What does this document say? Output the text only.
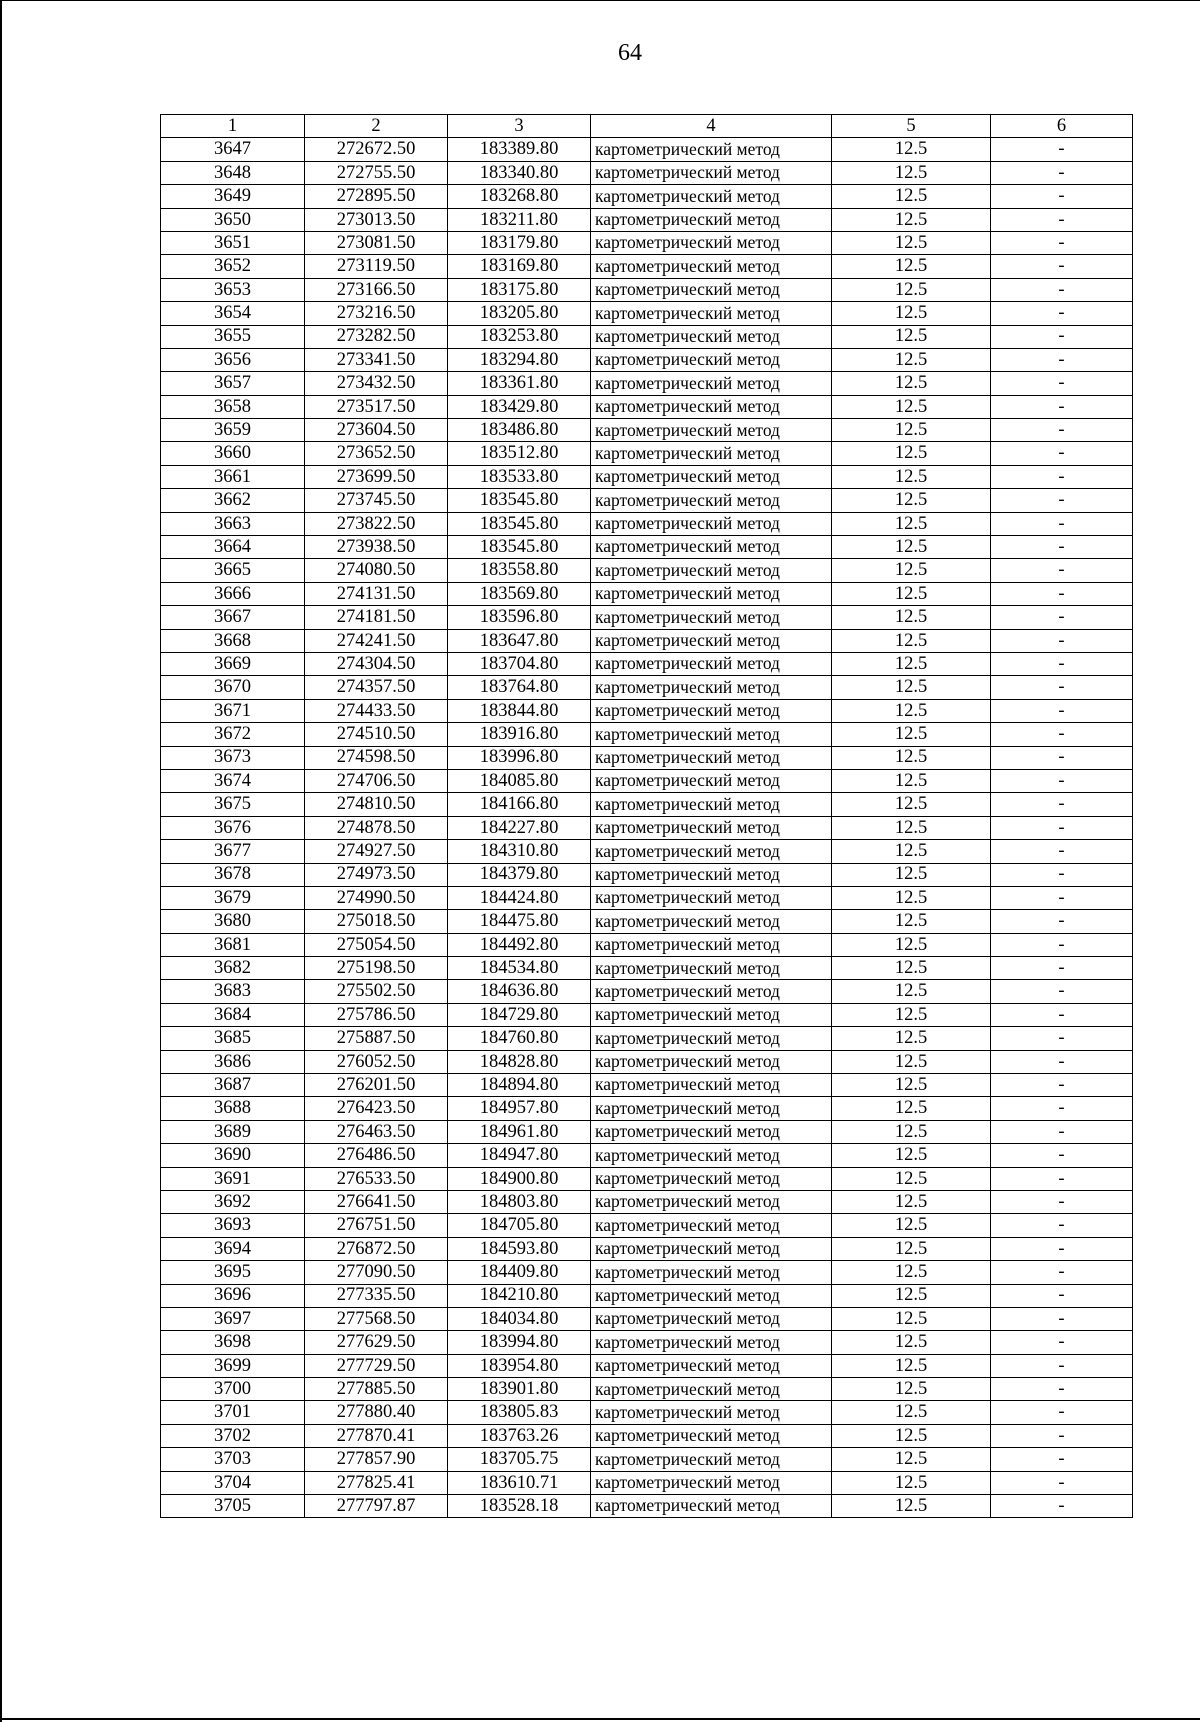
64
1	2	3	4	5	6
3647	272672.50	183389.80	картометрический метод	12.5	-
3648	272755.50	183340.80	картометрический метод	12.5	-
3649	272895.50	183268.80	картометрический метод	12.5	-
3650	273013.50	183211.80	картометрический метод	12.5	-
3651	273081.50	183179.80	картометрический метод	12.5	-
3652	273119.50	183169.80	картометрический метод	12.5	-
3653	273166.50	183175.80	картометрический метод	12.5	-
3654	273216.50	183205.80	картометрический метод	12.5	-
3655	273282.50	183253.80	картометрический метод	12.5	-
3656	273341.50	183294.80	картометрический метод	12.5	-
3657	273432.50	183361.80	картометрический метод	12.5	-
3658	273517.50	183429.80	картометрический метод	12.5	-
3659	273604.50	183486.80	картометрический метод	12.5	-
3660	273652.50	183512.80	картометрический метод	12.5	-
3661	273699.50	183533.80	картометрический метод	12.5	-
3662	273745.50	183545.80	картометрический метод	12.5	-
3663	273822.50	183545.80	картометрический метод	12.5	-
3664	273938.50	183545.80	картометрический метод	12.5	-
3665	274080.50	183558.80	картометрический метод	12.5	-
3666	274131.50	183569.80	картометрический метод	12.5	-
3667	274181.50	183596.80	картометрический метод	12.5	-
3668	274241.50	183647.80	картометрический метод	12.5	-
3669	274304.50	183704.80	картометрический метод	12.5	-
3670	274357.50	183764.80	картометрический метод	12.5	-
3671	274433.50	183844.80	картометрический метод	12.5	-
3672	274510.50	183916.80	картометрический метод	12.5	-
3673	274598.50	183996.80	картометрический метод	12.5	-
3674	274706.50	184085.80	картометрический метод	12.5	-
3675	274810.50	184166.80	картометрический метод	12.5	-
3676	274878.50	184227.80	картометрический метод	12.5	-
3677	274927.50	184310.80	картометрический метод	12.5	-
3678	274973.50	184379.80	картометрический метод	12.5	-
3679	274990.50	184424.80	картометрический метод	12.5	-
3680	275018.50	184475.80	картометрический метод	12.5	-
3681	275054.50	184492.80	картометрический метод	12.5	-
3682	275198.50	184534.80	картометрический метод	12.5	-
3683	275502.50	184636.80	картометрический метод	12.5	-
3684	275786.50	184729.80	картометрический метод	12.5	-
3685	275887.50	184760.80	картометрический метод	12.5	-
3686	276052.50	184828.80	картометрический метод	12.5	-
3687	276201.50	184894.80	картометрический метод	12.5	-
3688	276423.50	184957.80	картометрический метод	12.5	-
3689	276463.50	184961.80	картометрический метод	12.5	-
3690	276486.50	184947.80	картометрический метод	12.5	-
3691	276533.50	184900.80	картометрический метод	12.5	-
3692	276641.50	184803.80	картометрический метод	12.5	-
3693	276751.50	184705.80	картометрический метод	12.5	-
3694	276872.50	184593.80	картометрический метод	12.5	-
3695	277090.50	184409.80	картометрический метод	12.5	-
3696	277335.50	184210.80	картометрический метод	12.5	-
3697	277568.50	184034.80	картометрический метод	12.5	-
3698	277629.50	183994.80	картометрический метод	12.5	-
3699	277729.50	183954.80	картометрический метод	12.5	-
3700	277885.50	183901.80	картометрический метод	12.5	-
3701	277880.40	183805.83	картометрический метод	12.5	-
3702	277870.41	183763.26	картометрический метод	12.5	-
3703	277857.90	183705.75	картометрический метод	12.5	-
3704	277825.41	183610.71	картометрический метод	12.5	-
3705	277797.87	183528.18	картометрический метод	12.5	-
